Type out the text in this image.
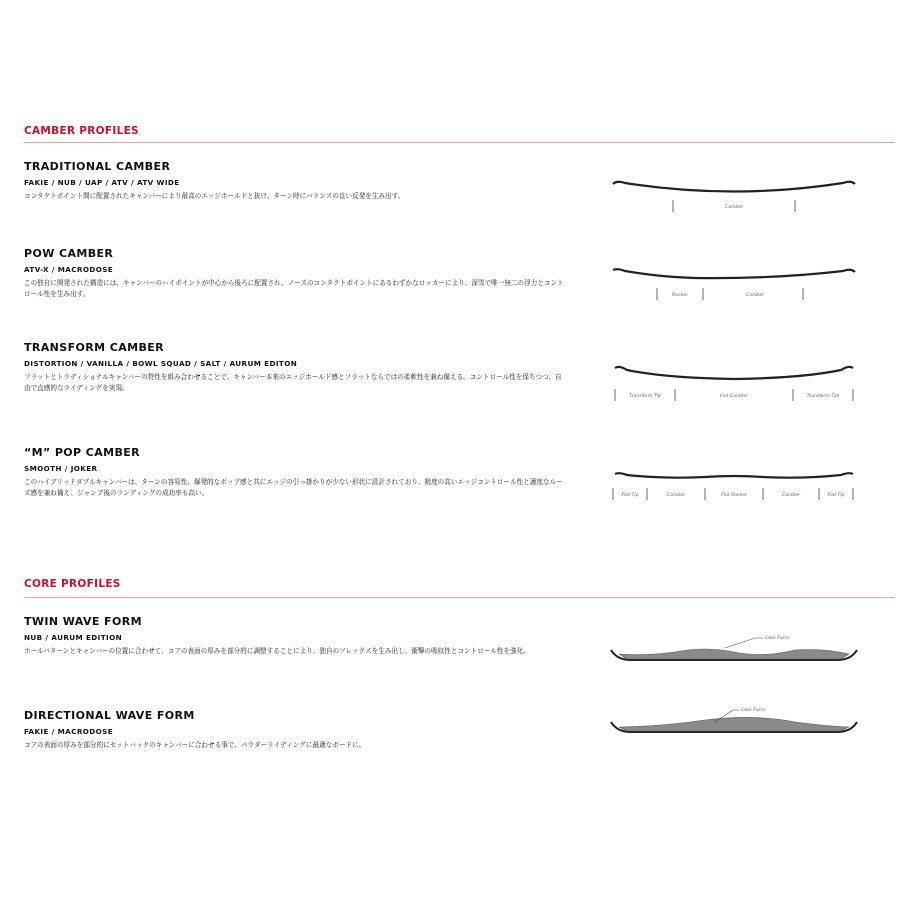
CAMBER PROFILES

TRADITIONAL CAMBER

FAKIE / NUB / UAP / ATV / ATV WIDE

コンタクトポイント間に配置されたキャンバーにより最高のエッジホールドと抜け、ターン時にバランスの良い反発を生み出す。

Camber

POW CAMBER

ATV-X / MACRODOSE

この独自に開発された構造には、キャンバーのハイポイントが中心から後ろに配置され、ノーズのコンタクトポイントにあるわずかなロッカーにより、深雪で唯一無二の浮力とコントロール性を生み出す。	Rocker	Camber

TRANSFORM CAMBER

DISTORTION / VANILLA / BOWL SQUAD / SALT / AURUM EDITON

フラットとトラディショナルキャンバーの特性を組み合わせることで、キャンバー本来のエッジホールド感とフラットならではの柔軟性を兼ね備える。コントロール性を保ちつつ、自由で直感的なライディングを実現。

Transform Tip	Flat Camber	Transform Tail

“M” POP CAMBER

SMOOTH / JOKER

このハイブリッドダブルキャンバーは、ターンの容易性、爆発的なポップ感と共にエッジの引っ掛かりが少ない形状に設計されており、精度の高いエッジコントロール性と適度なルーズ感を兼ね備え、ジャンプ後のランディングの成功率も高い。	Flat Tip	Camber	Flat Rocker	Camber	Flat Tip
CORE PROFILES

TWIN WAVE FORM

NUB / AURUM EDITION

ホールパターンとキャンバーの位置に合わせて、コアの表面の厚みを部分的に調整することにより、独自のフレックスを生み出し、衝撃の吸収性とコントロール性を強化。

Core Form

DIRECTIONAL WAVE FORM

FAKIE / MACRODOSE

コアの表面の厚みを部分的にセットバックのキャンバーに合わせる事で、パウダーライディングに最適なボードに。

Core Form
